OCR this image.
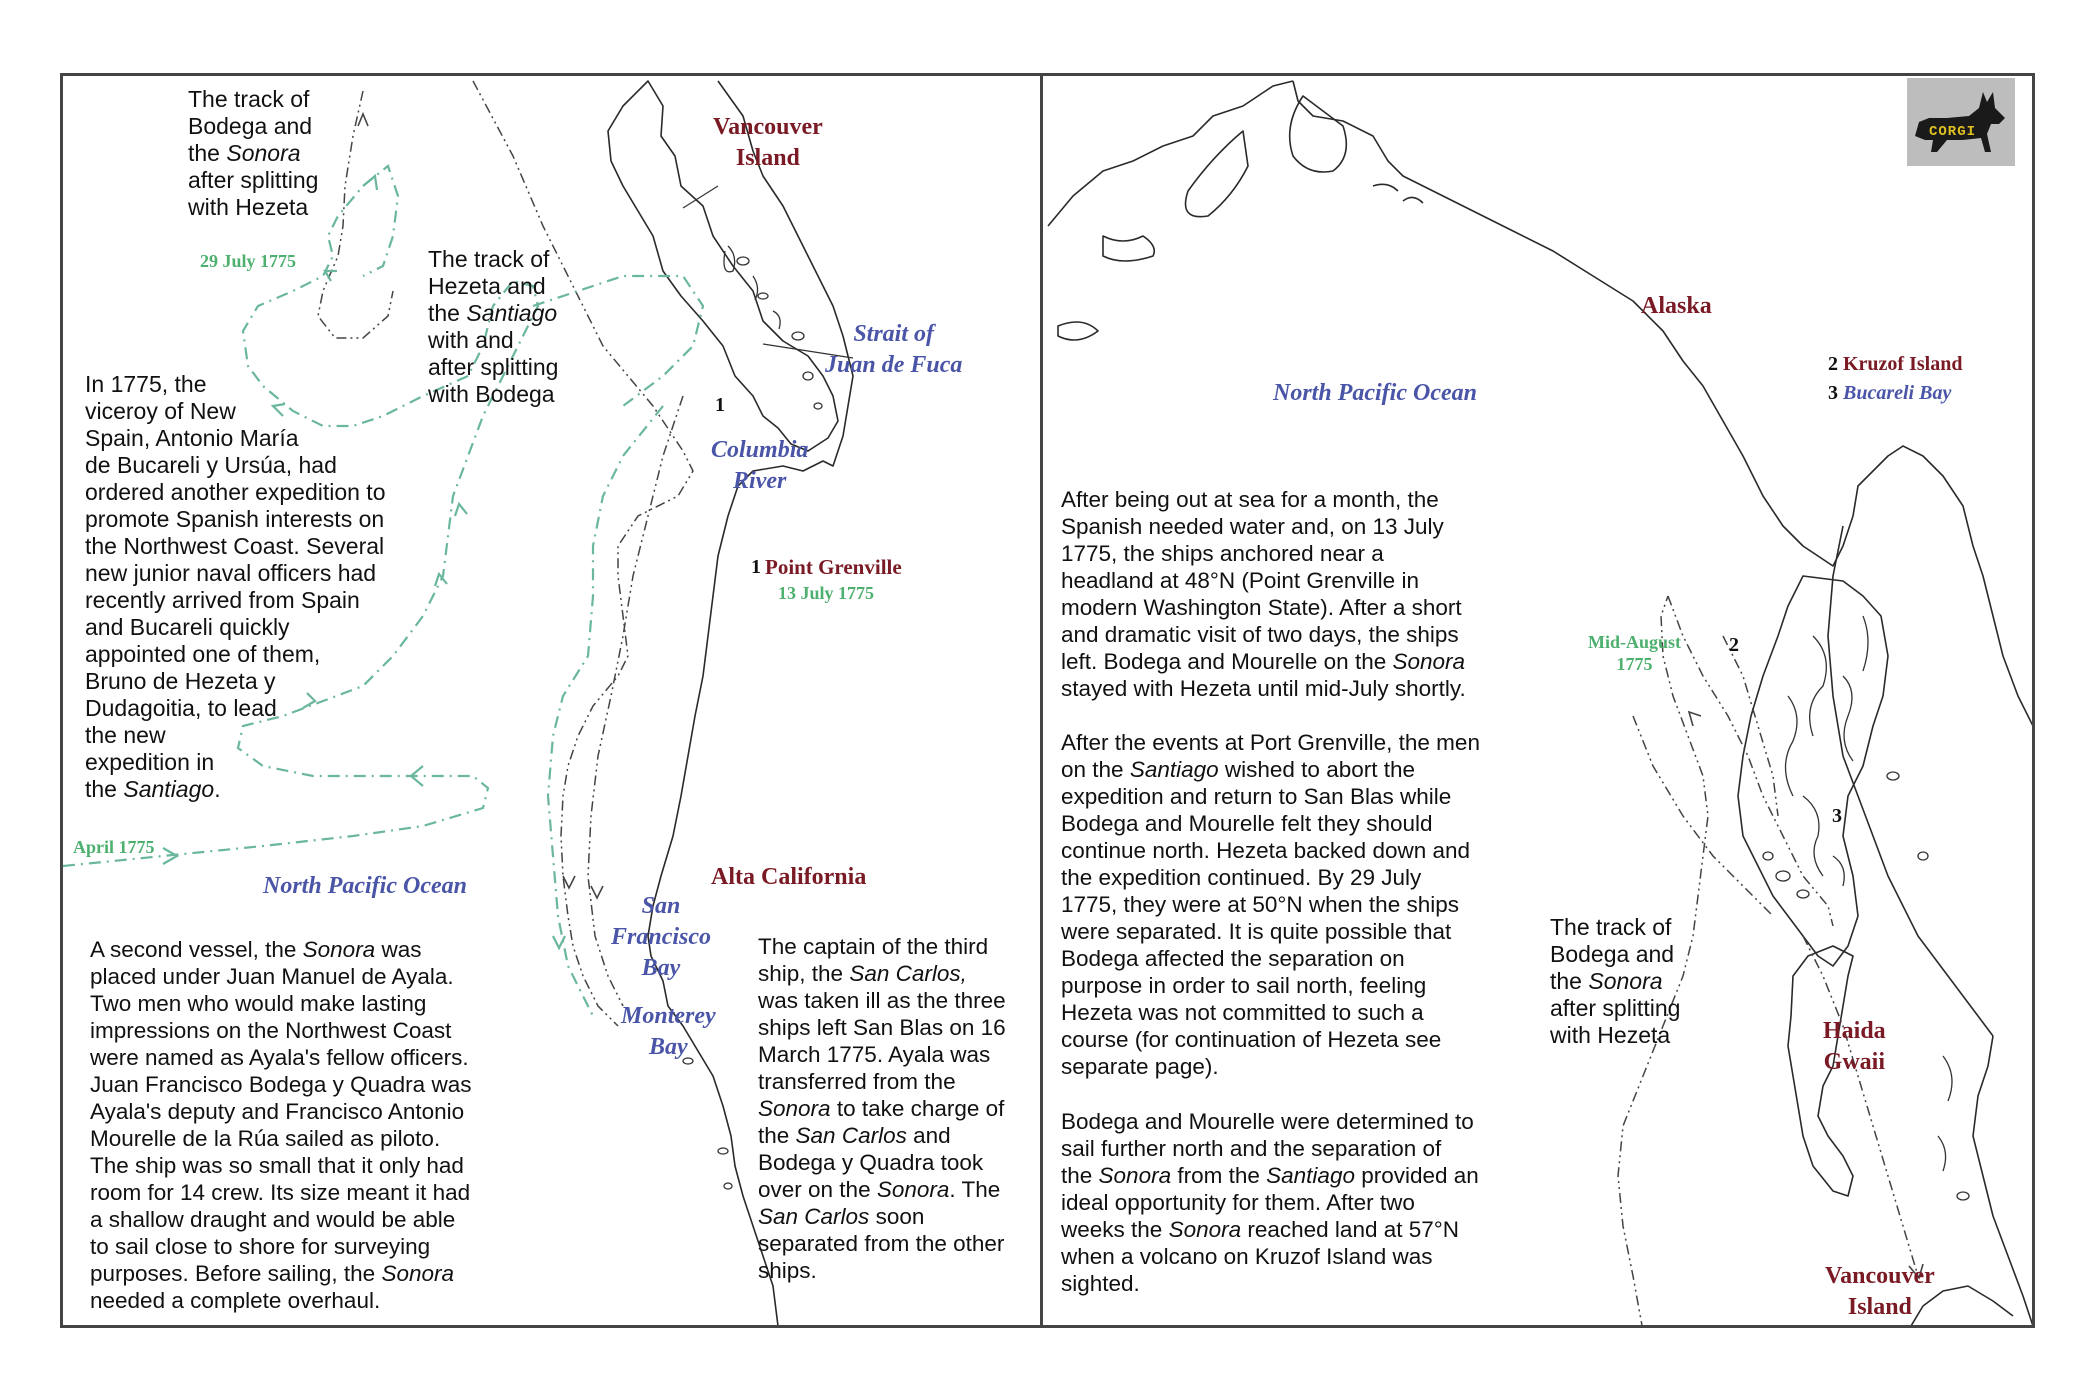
The track of
Bodega and
the Sonora
after splitting
with Hezeta
The track of
Hezeta and
the Santiago
with and
after splitting
with Bodega
In 1775, the
viceroy of New
Spain, Antonio María
de Bucareli y Ursúa, had
ordered another expedition to
promote Spanish interests on
the Northwest Coast. Several
new junior naval officers had
recently arrived from Spain
and Bucareli quickly
appointed one of them,
Bruno de Hezeta y
Dudagoitia, to lead
the new
expedition in
the Santiago.
A second vessel, the Sonora was
placed under Juan Manuel de Ayala.
Two men who would make lasting
impressions on the Northwest Coast
were named as Ayala's fellow officers.
Juan Francisco Bodega y Quadra was
Ayala's deputy and Francisco Antonio
Mourelle de la Rúa sailed as piloto.
The ship was so small that it only had
room for 14 crew. Its size meant it had
a shallow draught and would be able
to sail close to shore for surveying
purposes. Before sailing, the Sonora
needed a complete overhaul.
The captain of the third
ship, the San Carlos,
was taken ill as the three
ships left San Blas on 16
March 1775. Ayala was
transferred from the
Sonora to take charge of
the San Carlos and
Bodega y Quadra took
over on the Sonora. The
San Carlos soon
separated from the other
ships.
Vancouver
Island
Strait of
Juan de Fuca
Columbia
River
1
1 Point Grenville
13 July 1775
North Pacific Ocean	Alta California
San
Francisco
Bay
Monterey
Bay
April 1775
29 July 1775
After being out at sea for a month, the
Spanish needed water and, on 13 July
1775, the ships anchored near a
headland at 48°N (Point Grenville in
modern Washington State). After a short
and dramatic visit of two days, the ships
left. Bodega and Mourelle on the Sonora
stayed with Hezeta until mid-July shortly.
After the events at Port Grenville, the men
on the Santiago wished to abort the
expedition and return to San Blas while
Bodega and Mourelle felt they should
continue north. Hezeta backed down and
the expedition continued. By 29 July
1775, they were at 50°N when the ships
were separated. It is quite possible that
Bodega affected the separation on
purpose in order to sail north, feeling
Hezeta was not committed to such a
course (for continuation of Hezeta see
separate page).
Bodega and Mourelle were determined to
sail further north and the separation of
the Sonora from the Santiago provided an
ideal opportunity for them. After two
weeks the Sonora reached land at 57°N
when a volcano on Kruzof Island was
sighted.
The track of
Bodega and
the Sonora
after splitting
with Hezeta
Alaska
North Pacific Ocean
2 Kruzof Island
3 Bucareli Bay
Mid-August
1775
2
3
Haida
Gwaii
Vancouver
Island
CORGI
